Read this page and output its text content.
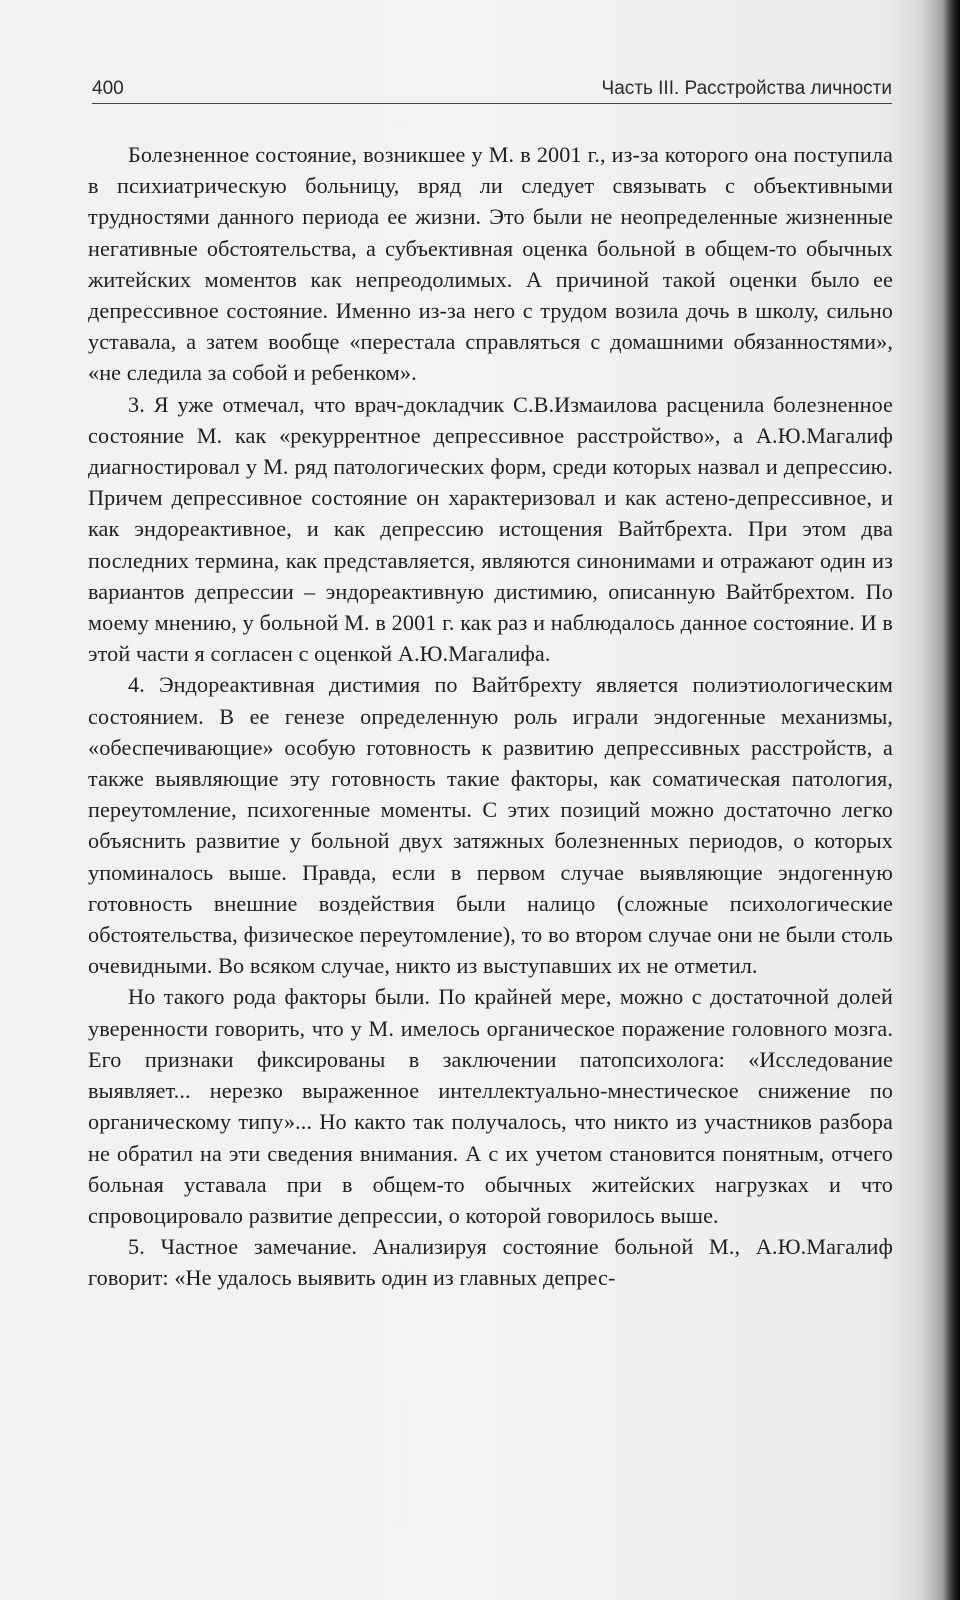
400	Часть III. Расстройства личности

Болезненное состояние, возникшее у М. в 2001 г., из-за которого она поступила в психиатрическую больницу, вряд ли следует связывать с объективными трудностями данного периода ее жизни. Это были не неопределенные жизненные негативные обстоятельства, а субъективная оценка больной в общем-то обычных житейских моментов как непреодолимых. А причиной такой оценки было ее депрессивное состояние. Именно из-за него с трудом возила дочь в школу, сильно уставала, а затем вообще «перестала справляться с домашними обязанностями», «не следила за собой и ребенком».

3. Я уже отмечал, что врач-докладчик С.В.Измаилова расценила болезненное состояние М. как «рекуррентное депрессивное расстройство», а А.Ю.Магалиф диагностировал у М. ряд патологических форм, среди которых назвал и депрессию. Причем депрессивное состояние он характеризовал и как астено-депрессивное, и как эндореактивное, и как депрессию истощения Вайтбрехта. При этом два последних термина, как представляется, являются синонимами и отражают один из вариантов депрессии – эндореактивную дистимию, описанную Вайтбрехтом. По моему мнению, у больной М. в 2001 г. как раз и наблюдалось данное состояние. И в этой части я согласен с оценкой А.Ю.Магалифа.

4. Эндореактивная дистимия по Вайтбрехту является полиэтиологическим состоянием. В ее генезе определенную роль играли эндогенные механизмы, «обеспечивающие» особую готовность к развитию депрессивных расстройств, а также выявляющие эту готовность такие факторы, как соматическая патология, переутомление, психогенные моменты. С этих позиций можно достаточно легко объяснить развитие у больной двух затяжных болезненных периодов, о которых упоминалось выше. Правда, если в первом случае выявляющие эндогенную готовность внешние воздействия были налицо (сложные психологические обстоятельства, физическое переутомление), то во втором случае они не были столь очевидными. Во всяком случае, никто из выступавших их не отметил.

Но такого рода факторы были. По крайней мере, можно с достаточной долей уверенности говорить, что у М. имелось органическое поражение головного мозга. Его признаки фиксированы в заключении патопсихолога: «Исследование выявляет... нерезко выраженное интеллектуально-мнестическое снижение по органическому типу»... Но както так получалось, что никто из участников разбора не обратил на эти сведения внимания. А с их учетом становится понятным, отчего больная уставала при в общем-то обычных житейских нагрузках и что спровоцировало развитие депрессии, о которой говорилось выше.

5. Частное замечание. Анализируя состояние больной М., А.Ю.Магалиф говорит: «Не удалось выявить один из главных депрес-
